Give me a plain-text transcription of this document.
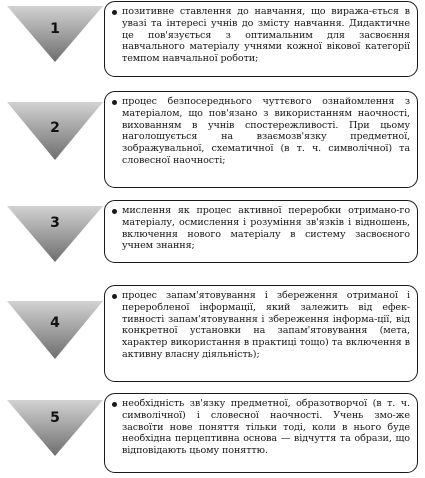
1
позитивне ставлення до навчання, що виража-ється в увазі та інтересі учнів до змісту навчання. Дидактичне це пов'язується з оптимальним для засвоєння навчального матеріалу учнями кожної вікової категорії темпом навчальної роботи;
2
процес безпосереднього чуттєвого ознайомлення з матеріалом, що пов'язано з використанням наочності, вихованням в учнів спостережливості. При цьому наголошується на взаємозв'язку предметної, зображувальної, схематичної (в т. ч. символічної) та словесної наочності;
3
мислення як процес активної переробки отримано-го матеріалу, осмислення і розуміння зв'язків і відношень, включення нового матеріалу в систему засвоєного учнем знання;
4
процес запам'ятовування і збереження отриманої і переробленої інформації, який залежить від ефек-тивності запам'ятовування і збереження інформа-ції, від конкретної установки на запам'ятовування (мета, характер використання в практиці тощо) та включення в активну власну діяльність);
5
необхідність зв'язку предметної, образотворчої (в т. ч. символічної) і словесної наочності. Учень змо-же засвоїти нове поняття тільки тоді, коли в нього буде необхідна перцептивна основа — відчуття та образи, що відповідають цьому поняттю.
